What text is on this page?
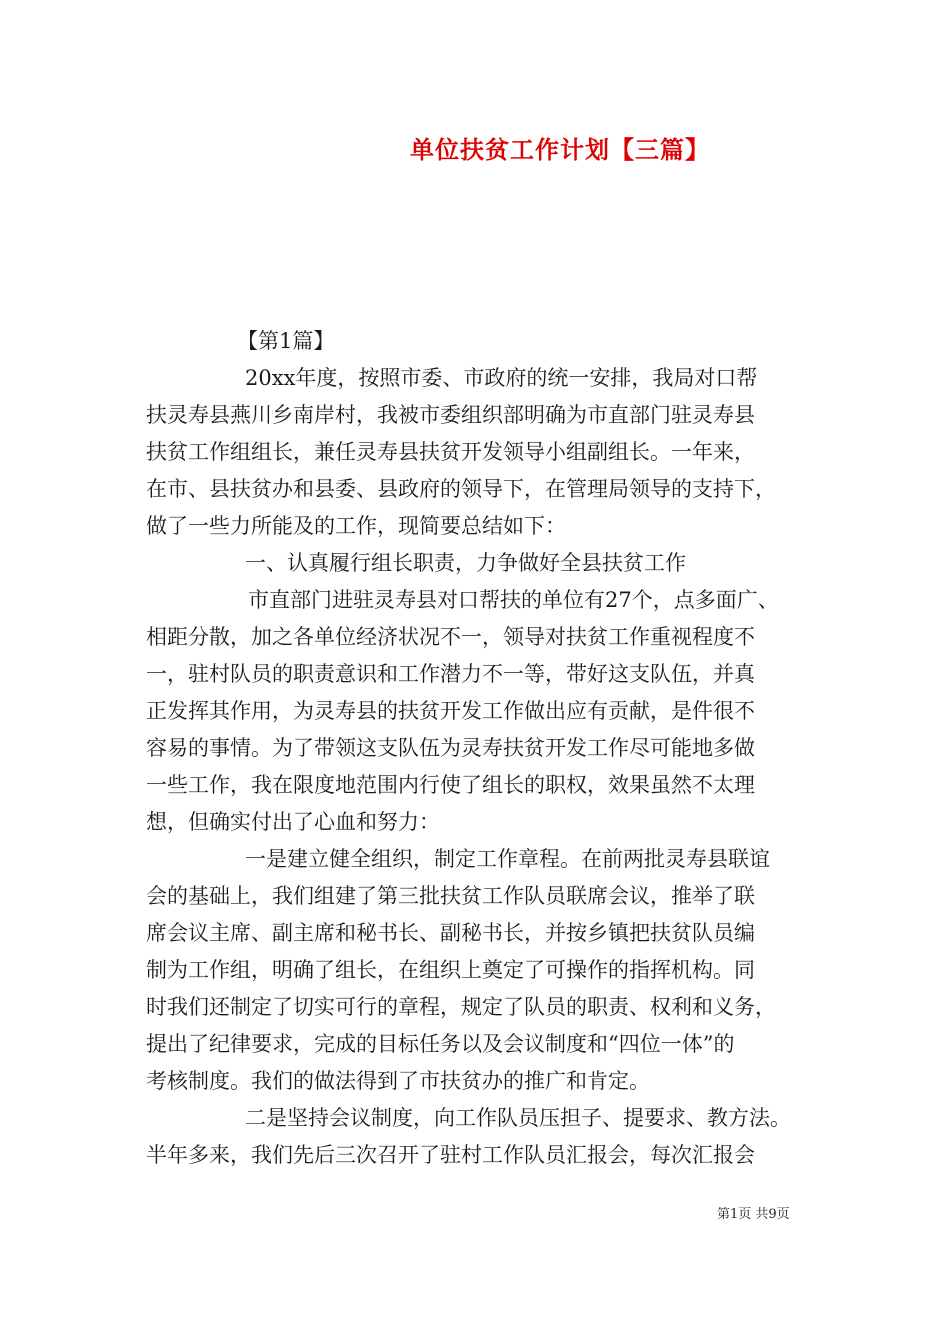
单位扶贫工作计划【三篇】

【第1篇】

20xx年度，按照市委、市政府的统一安排，我局对口帮

扶灵寿县燕川乡南岸村，我被市委组织部明确为市直部门驻灵寿县

扶贫工作组组长，兼任灵寿县扶贫开发领导小组副组长。一年来，

在市、县扶贫办和县委、县政府的领导下，在管理局领导的支持下，

做了一些力所能及的工作，现简要总结如下：

一、认真履行组长职责，力争做好全县扶贫工作

市直部门进驻灵寿县对口帮扶的单位有27个，点多面广、

相距分散，加之各单位经济状况不一，领导对扶贫工作重视程度不

一，驻村队员的职责意识和工作潜力不一等，带好这支队伍，并真

正发挥其作用，为灵寿县的扶贫开发工作做出应有贡献，是件很不

容易的事情。为了带领这支队伍为灵寿扶贫开发工作尽可能地多做

一些工作，我在限度地范围内行使了组长的职权，效果虽然不太理

想，但确实付出了心血和努力：

一是建立健全组织，制定工作章程。在前两批灵寿县联谊

会的基础上，我们组建了第三批扶贫工作队员联席会议，推举了联

席会议主席、副主席和秘书长、副秘书长，并按乡镇把扶贫队员编

制为工作组，明确了组长，在组织上奠定了可操作的指挥机构。同

时我们还制定了切实可行的章程，规定了队员的职责、权利和义务，

提出了纪律要求，完成的目标任务以及会议制度和“四位一体”的

考核制度。我们的做法得到了市扶贫办的推广和肯定。

二是坚持会议制度，向工作队员压担子、提要求、教方法。

半年多来，我们先后三次召开了驻村工作队员汇报会，每次汇报会

第1页 共9页
